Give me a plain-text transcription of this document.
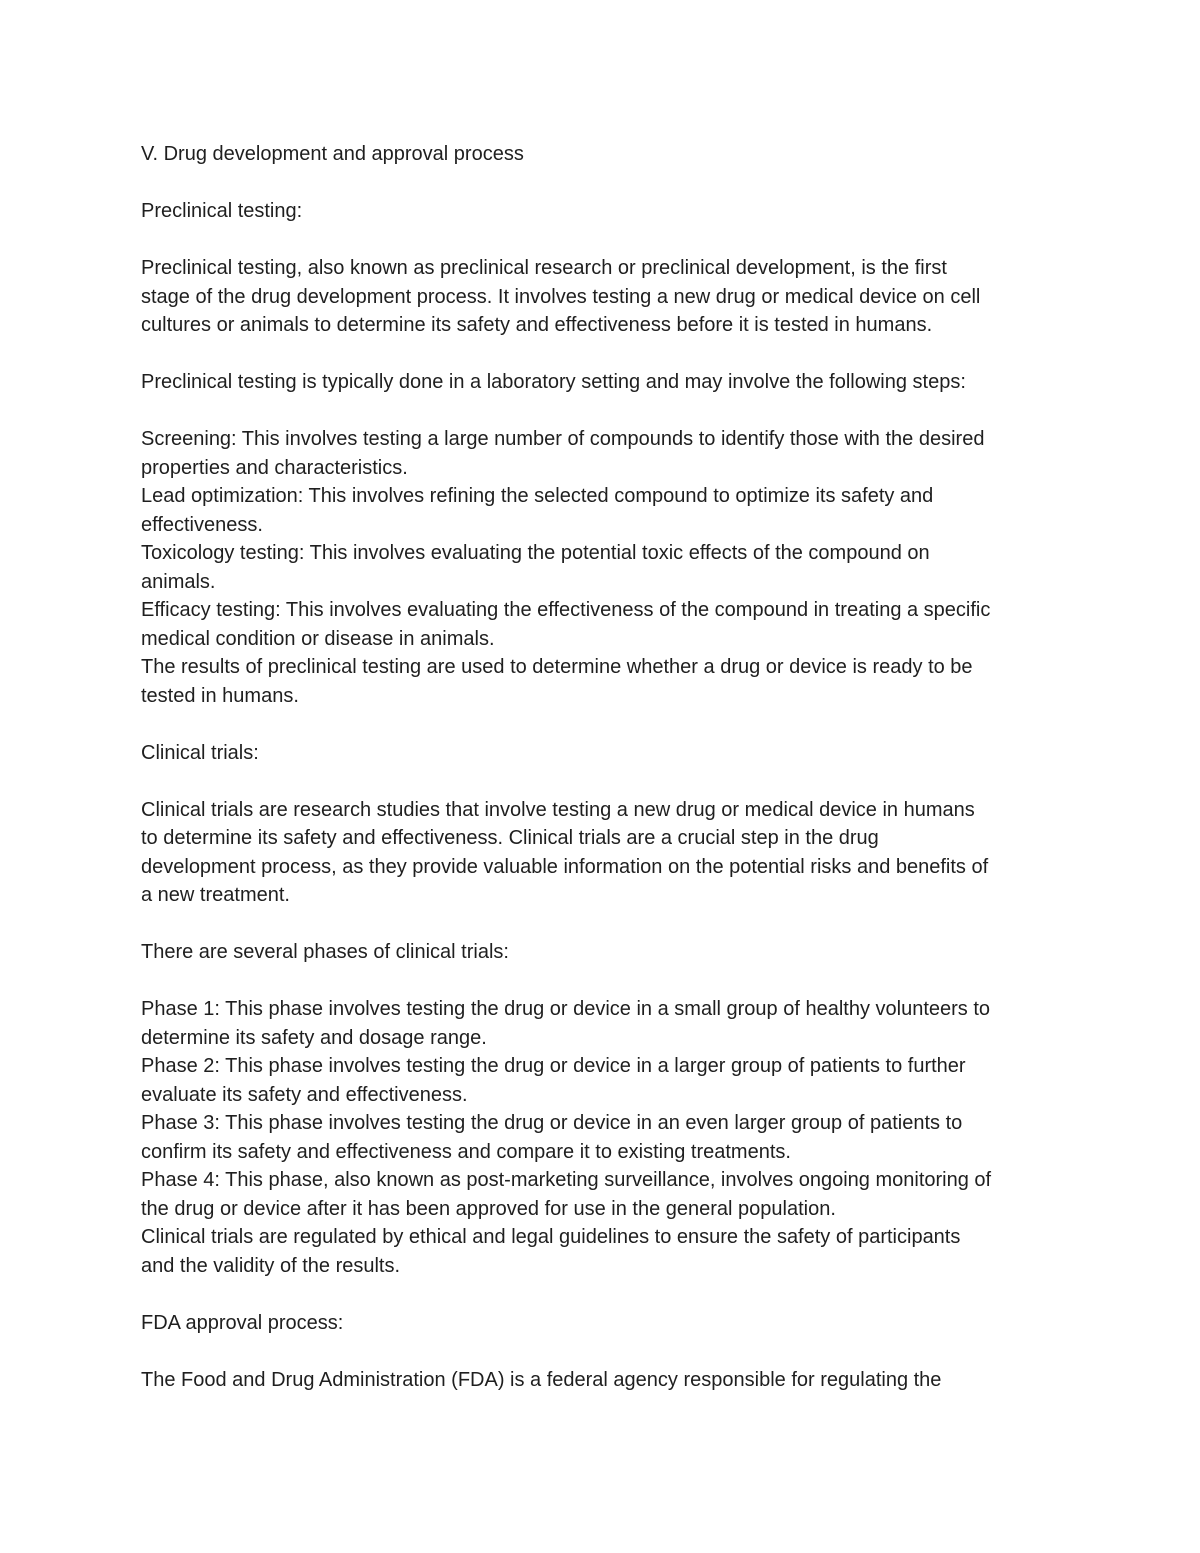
V. Drug development and approval process

Preclinical testing:

Preclinical testing, also known as preclinical research or preclinical development, is the first

stage of the drug development process. It involves testing a new drug or medical device on cell

cultures or animals to determine its safety and effectiveness before it is tested in humans.

Preclinical testing is typically done in a laboratory setting and may involve the following steps:

Screening: This involves testing a large number of compounds to identify those with the desired

properties and characteristics.

Lead optimization: This involves refining the selected compound to optimize its safety and

effectiveness.

Toxicology testing: This involves evaluating the potential toxic effects of the compound on

animals.

Efficacy testing: This involves evaluating the effectiveness of the compound in treating a specific

medical condition or disease in animals.

The results of preclinical testing are used to determine whether a drug or device is ready to be

tested in humans.

Clinical trials:

Clinical trials are research studies that involve testing a new drug or medical device in humans

to determine its safety and effectiveness. Clinical trials are a crucial step in the drug

development process, as they provide valuable information on the potential risks and benefits of

a new treatment.

There are several phases of clinical trials:

Phase 1: This phase involves testing the drug or device in a small group of healthy volunteers to

determine its safety and dosage range.

Phase 2: This phase involves testing the drug or device in a larger group of patients to further

evaluate its safety and effectiveness.

Phase 3: This phase involves testing the drug or device in an even larger group of patients to

confirm its safety and effectiveness and compare it to existing treatments.

Phase 4: This phase, also known as post-marketing surveillance, involves ongoing monitoring of

the drug or device after it has been approved for use in the general population.

Clinical trials are regulated by ethical and legal guidelines to ensure the safety of participants

and the validity of the results.

FDA approval process:

The Food and Drug Administration (FDA) is a federal agency responsible for regulating the
